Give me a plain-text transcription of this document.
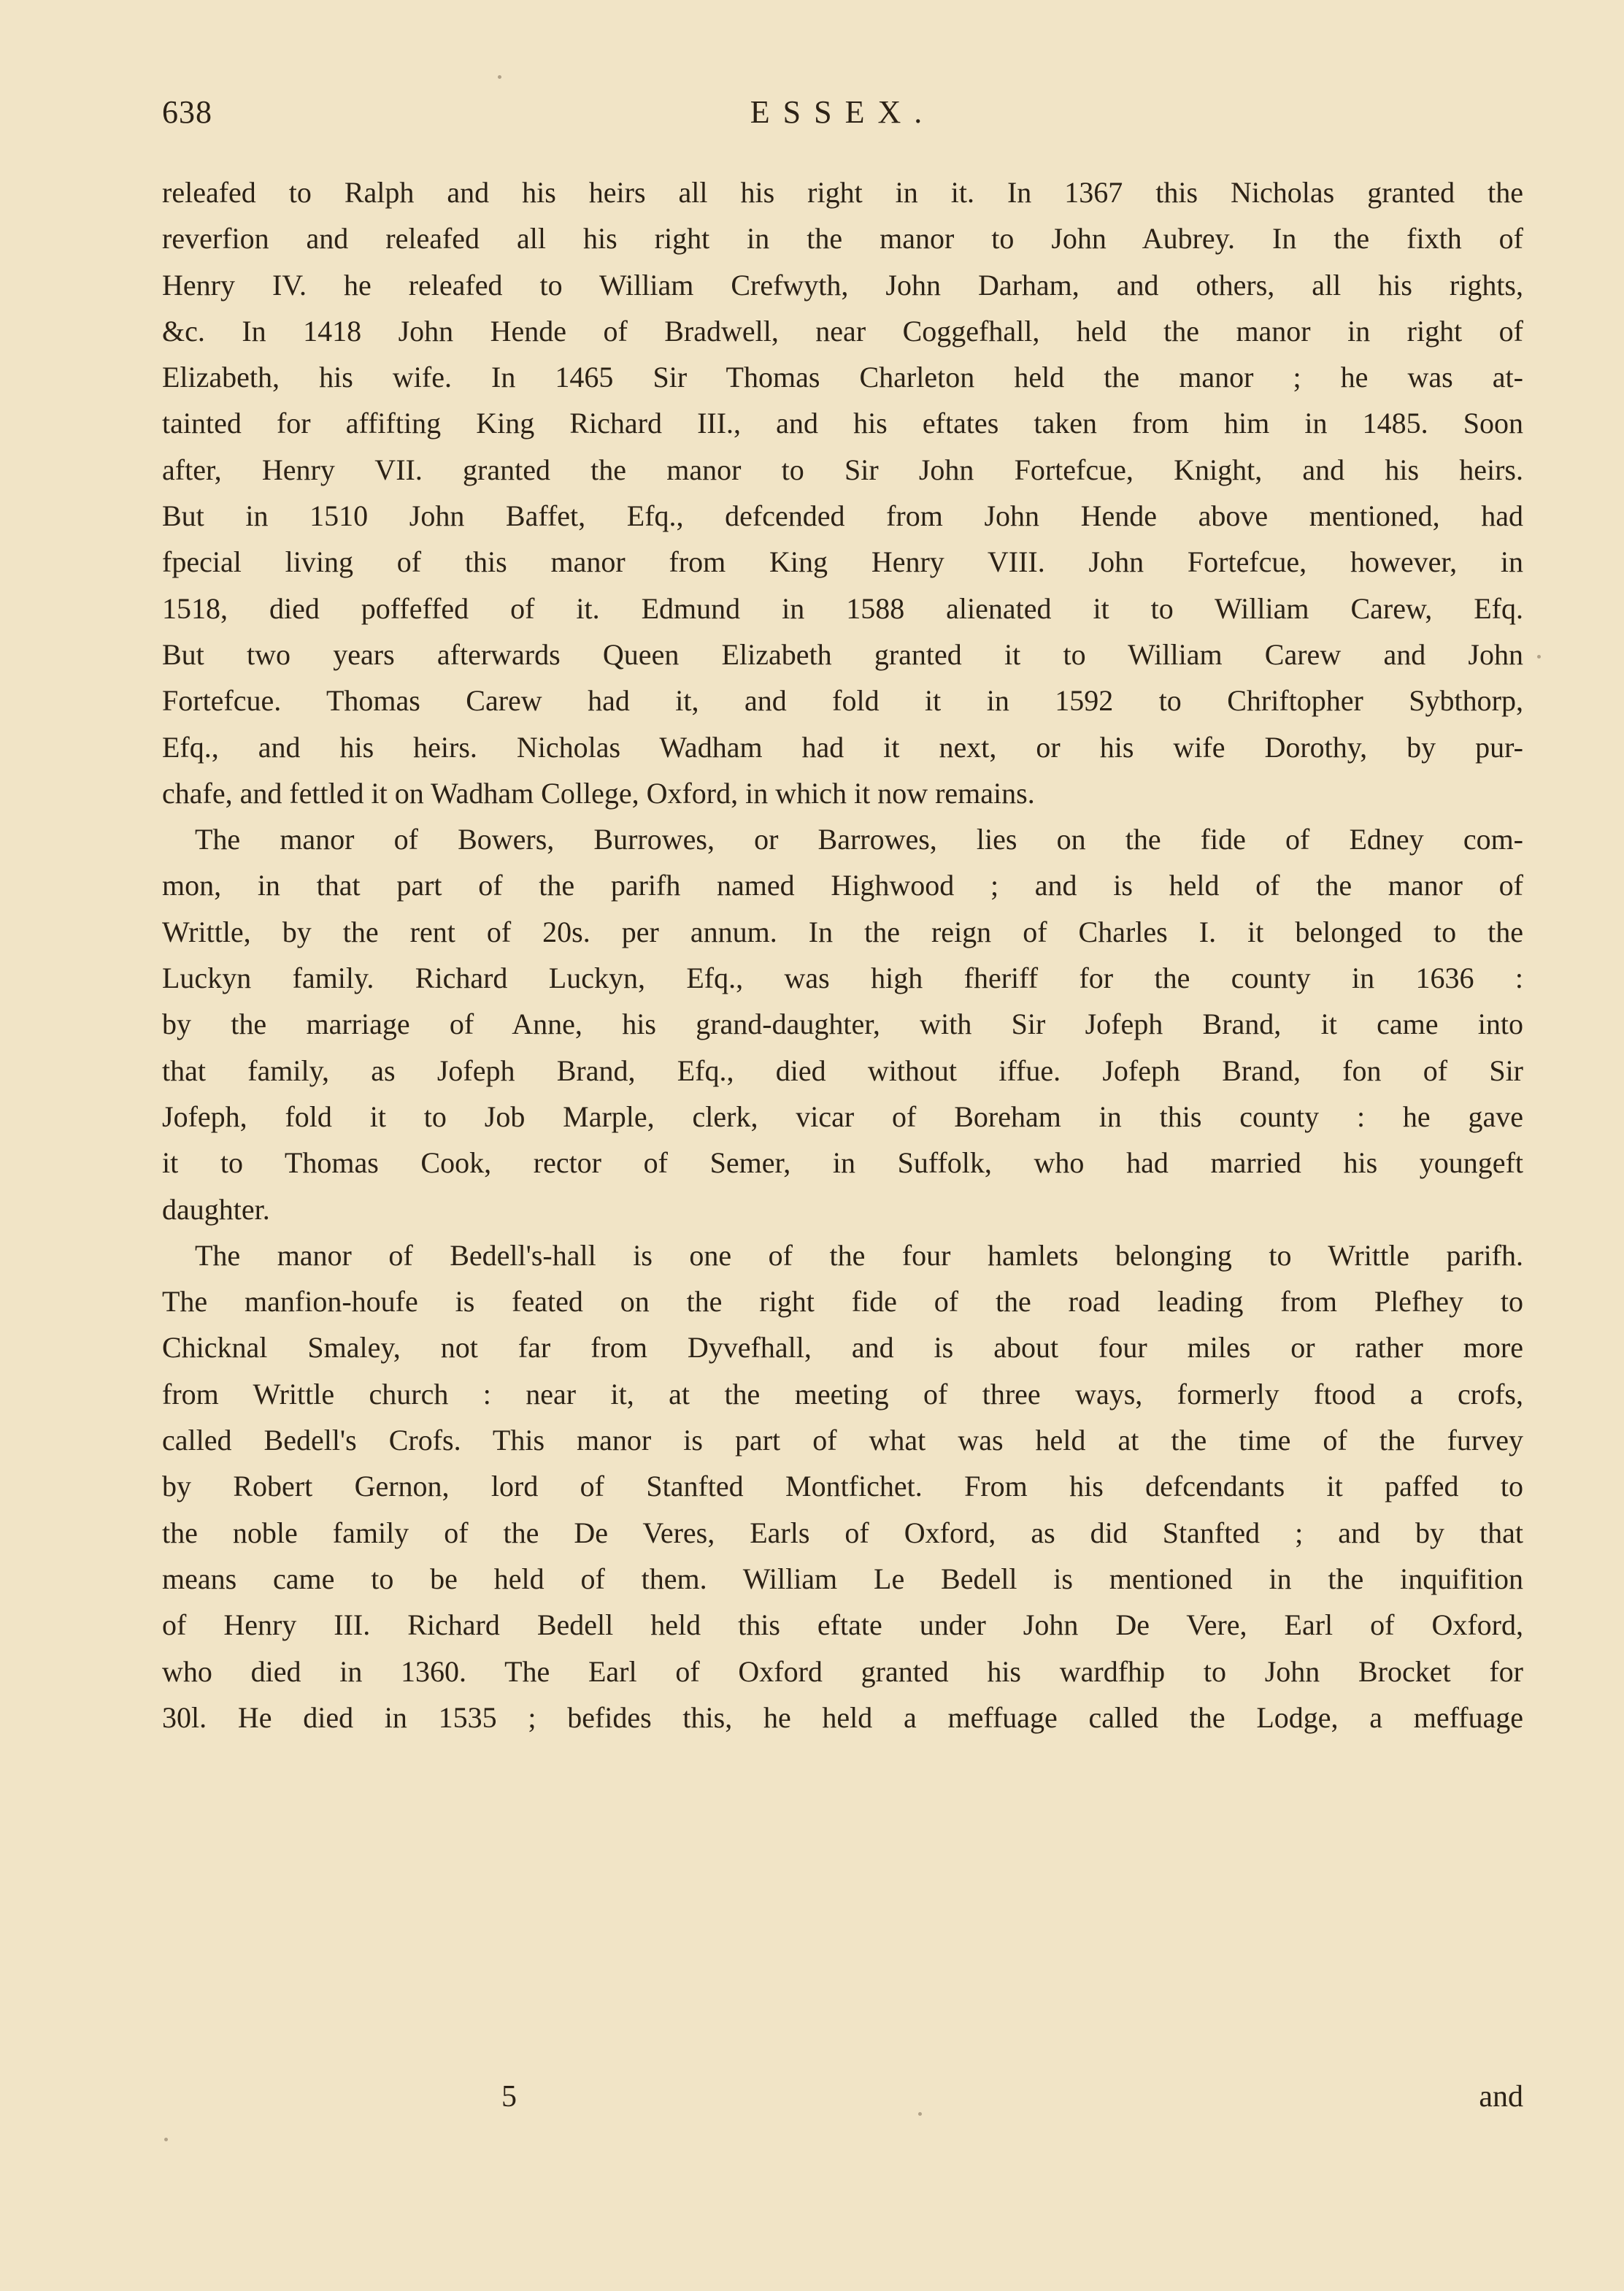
638	ESSEX.
releafed to Ralph and his heirs all his right in it. In 1367 this Nicholas granted the
reverfion and releafed all his right in the manor to John Aubrey. In the fixth of
Henry IV. he releafed to William Crefwyth, John Darham, and others, all his rights,
&c. In 1418 John Hende of Bradwell, near Coggefhall, held the manor in right of
Elizabeth, his wife. In 1465 Sir Thomas Charleton held the manor ; he was at-
tainted for affifting King Richard III., and his eftates taken from him in 1485. Soon
after, Henry VII. granted the manor to Sir John Fortefcue, Knight, and his heirs.
But in 1510 John Baffet, Efq., defcended from John Hende above mentioned, had
fpecial living of this manor from King Henry VIII. John Fortefcue, however, in
1518, died poffeffed of it. Edmund in 1588 alienated it to William Carew, Efq.
But two years afterwards Queen Elizabeth granted it to William Carew and John
Fortefcue. Thomas Carew had it, and fold it in 1592 to Chriftopher Sybthorp,
Efq., and his heirs. Nicholas Wadham had it next, or his wife Dorothy, by pur-
chafe, and fettled it on Wadham College, Oxford, in which it now remains.
The manor of Bowers, Burrowes, or Barrowes, lies on the fide of Edney com-
mon, in that part of the parifh named Highwood ; and is held of the manor of
Writtle, by the rent of 20s. per annum. In the reign of Charles I. it belonged to the
Luckyn family. Richard Luckyn, Efq., was high fheriff for the county in 1636 :
by the marriage of Anne, his grand-daughter, with Sir Jofeph Brand, it came into
that family, as Jofeph Brand, Efq., died without iffue. Jofeph Brand, fon of Sir
Jofeph, fold it to Job Marple, clerk, vicar of Boreham in this county : he gave
it to Thomas Cook, rector of Semer, in Suffolk, who had married his youngeft
daughter.
The manor of Bedell's-hall is one of the four hamlets belonging to Writtle parifh.
The manfion-houfe is feated on the right fide of the road leading from Plefhey to
Chicknal Smaley, not far from Dyvefhall, and is about four miles or rather more
from Writtle church : near it, at the meeting of three ways, formerly ftood a crofs,
called Bedell's Crofs. This manor is part of what was held at the time of the furvey
by Robert Gernon, lord of Stanfted Montfichet. From his defcendants it paffed to
the noble family of the De Veres, Earls of Oxford, as did Stanfted ; and by that
means came to be held of them. William Le Bedell is mentioned in the inquifition
of Henry III. Richard Bedell held this eftate under John De Vere, Earl of Oxford,
who died in 1360. The Earl of Oxford granted his wardfhip to John Brocket for
30l. He died in 1535 ; befides this, he held a meffuage called the Lodge, a meffuage
5	and
